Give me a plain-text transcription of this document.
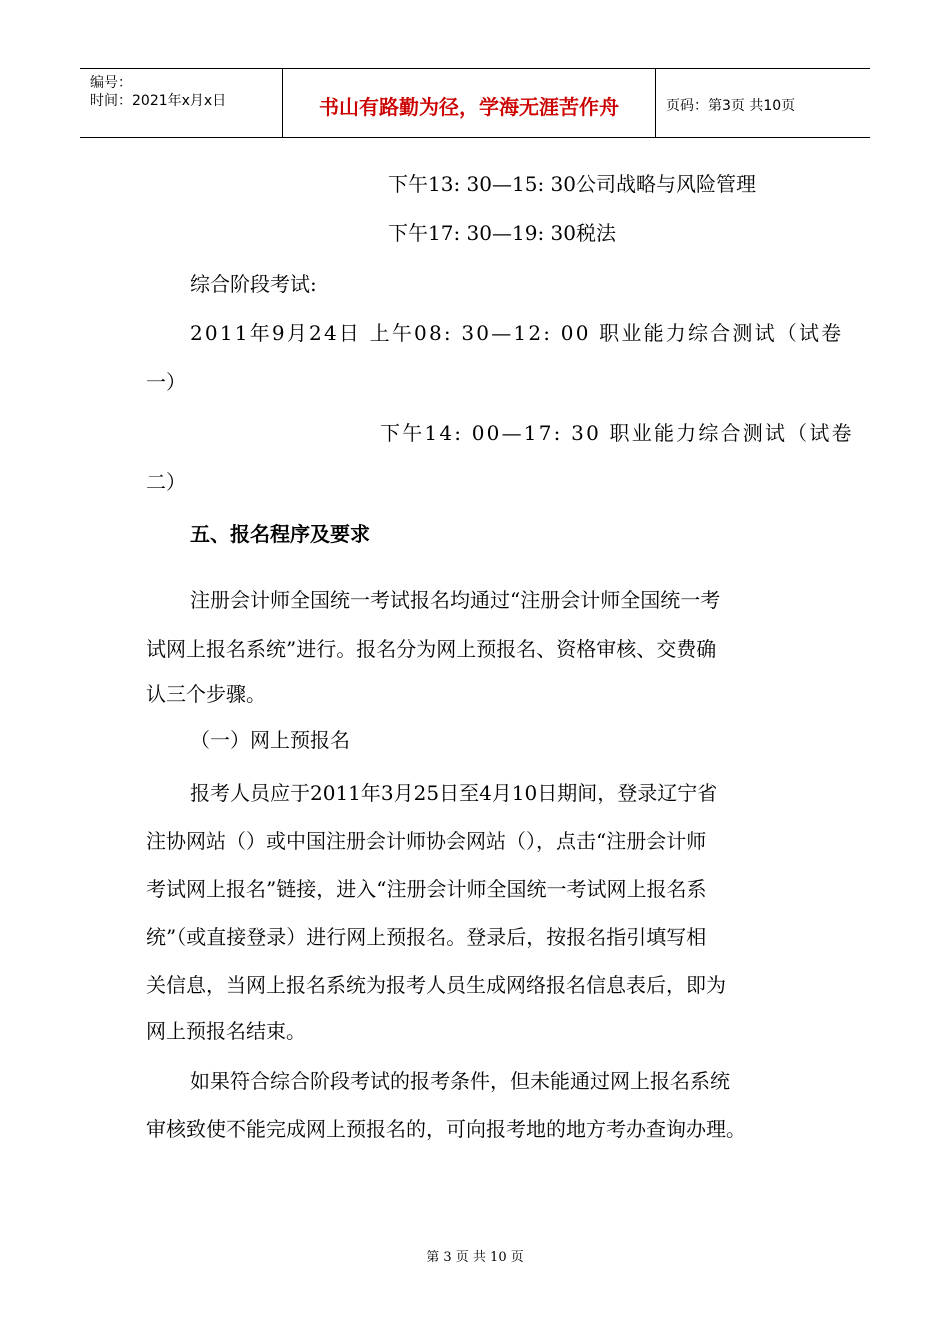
编号：
时间：2021年x月x日	书山有路勤为径，学海无涯苦作舟	页码：第3页 共10页
下午13: 30—15: 30公司战略与风险管理
下午17: 30—19: 30税法
综合阶段考试:
2011年9月24日 上午08: 30—12: 00 职业能力综合测试（试卷
一）
下午14: 00—17: 30 职业能力综合测试（试卷
二）
五、报名程序及要求
注册会计师全国统一考试报名均通过“注册会计师全国统一考
试网上报名系统”进行。报名分为网上预报名、资格审核、交费确
认三个步骤。
（一）网上预报名
报考人员应于2011年3月25日至4月10日期间，登录辽宁省
注协网站（）或中国注册会计师协会网站（），点击“注册会计师
考试网上报名”链接，进入“注册会计师全国统一考试网上报名系
统”（或直接登录）进行网上预报名。登录后，按报名指引填写相
关信息，当网上报名系统为报考人员生成网络报名信息表后，即为
网上预报名结束。
如果符合综合阶段考试的报考条件，但未能通过网上报名系统
审核致使不能完成网上预报名的，可向报考地的地方考办查询办理。
第 3 页 共 10 页
